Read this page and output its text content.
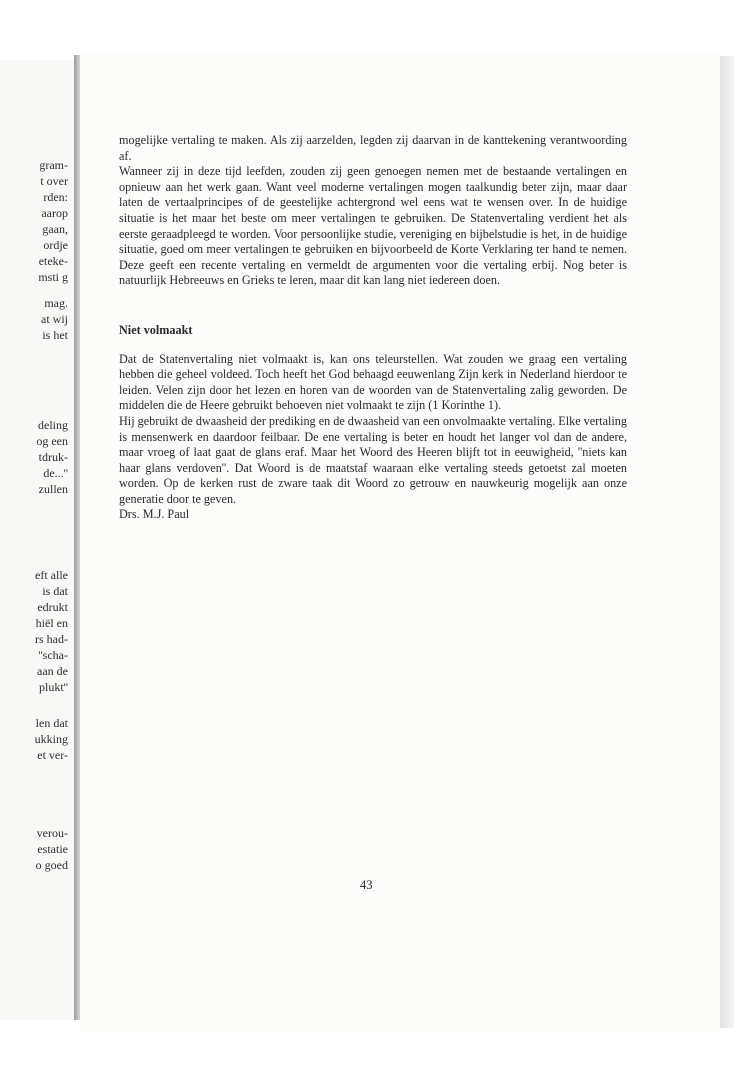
gram-
t over
rden:
aarop
gaan,
ordje
eteke-
msti g
mag.
at wij
is het
deling
og een
tdruk-
de...''
zullen
eft alle
is dat
edrukt
hiël en
rs had-
''scha-
aan de
plukt''
len dat
ukking
et ver-
verou-
estatie
o goed

mogelijke vertaling te maken. Als zij aarzelden, legden zij daarvan in de kanttekening verantwoording af.

Wanneer zij in deze tijd leefden, zouden zij geen genoegen nemen met de bestaande vertalingen en opnieuw aan het werk gaan. Want veel moderne vertalingen mogen taalkundig beter zijn, maar daar laten de vertaalprincipes of de geestelijke achtergrond wel eens wat te wensen over. In de huidige situatie is het maar het beste om meer vertalingen te gebruiken. De Statenvertaling verdient het als eerste geraadpleegd te worden. Voor persoonlijke studie, vereniging en bijbelstudie is het, in de huidige situatie, goed om meer vertalingen te gebruiken en bijvoorbeeld de Korte Verklaring ter hand te nemen. Deze geeft een recente vertaling en vermeldt de argumenten voor die vertaling erbij. Nog beter is natuurlijk Hebreeuws en Grieks te leren, maar dit kan lang niet iedereen doen.

Niet volmaakt

Dat de Statenvertaling niet volmaakt is, kan ons teleurstellen. Wat zouden we graag een vertaling hebben die geheel voldeed. Toch heeft het God behaagd eeuwenlang Zijn kerk in Nederland hierdoor te leiden. Velen zijn door het lezen en horen van de woorden van de Statenvertaling zalig geworden. De middelen die de Heere gebruikt behoeven niet volmaakt te zijn (1 Korinthe 1).

Hij gebruikt de dwaasheid der prediking en de dwaasheid van een onvolmaakte vertaling. Elke vertaling is mensenwerk en daardoor feilbaar. De ene vertaling is beter en houdt het langer vol dan de andere, maar vroeg of laat gaat de glans eraf. Maar het Woord des Heeren blijft tot in eeuwigheid, ''niets kan haar glans verdoven''. Dat Woord is de maatstaf waaraan elke vertaling steeds getoetst zal moeten worden. Op de kerken rust de zware taak dit Woord zo getrouw en nauwkeurig mogelijk aan onze generatie door te geven.

Drs. M.J. Paul

43
